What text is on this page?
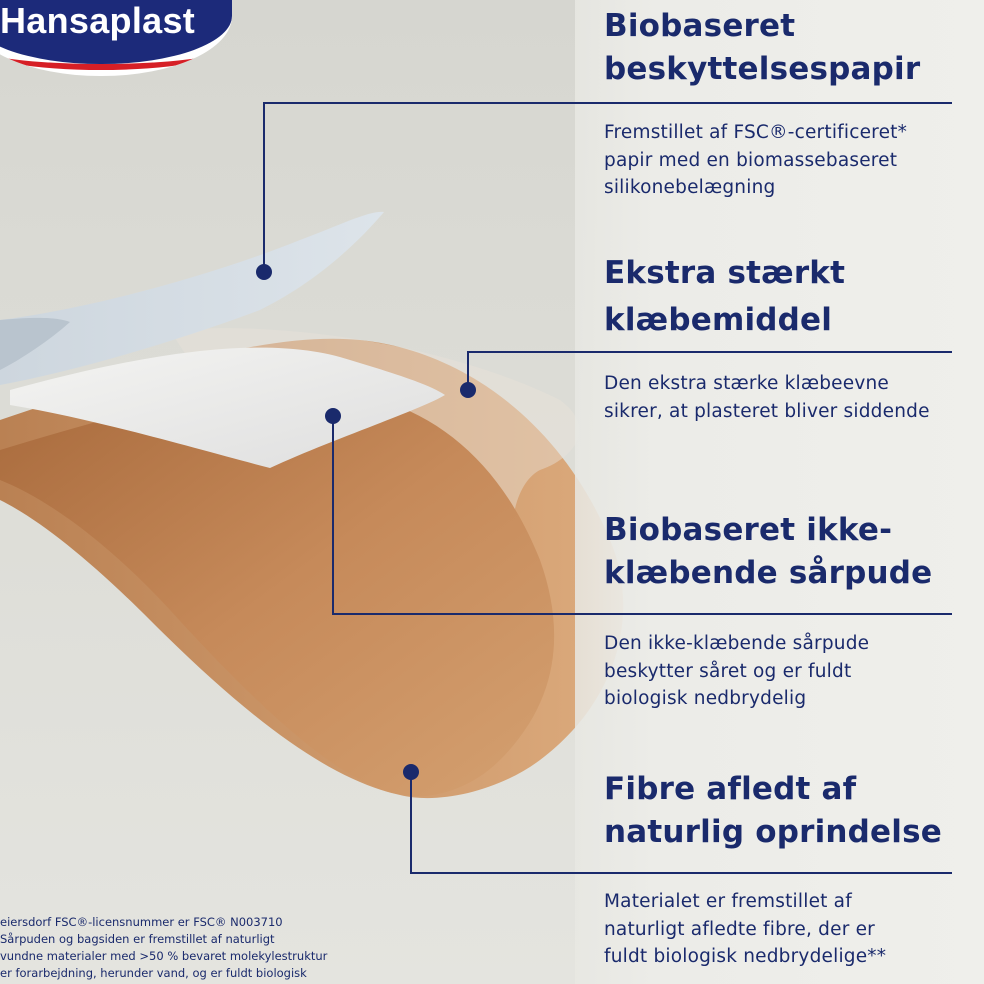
Hansaplast	Biobaseret
beskyttelsespapir
Fremstillet af FSC®-certificeret*
papir med en biomassebaseret
silikonebelægning
Ekstra stærkt
klæbemiddel
Den ekstra stærke klæbeevne
sikrer, at plasteret bliver siddende
Biobaseret ikke-
klæbende sårpude
Den ikke-klæbende sårpude
beskytter såret og er fuldt
biologisk nedbrydelig
Fibre afledt af
naturlig oprindelse
Materialet er fremstillet af
naturligt afledte fibre, der er
fuldt biologisk nedbrydelige**
eiersdorf FSC®-licensnummer er FSC® N003710
Sårpuden og bagsiden er fremstillet af naturligt
vundne materialer med >50 % bevaret molekylestruktur
er forarbejdning, herunder vand, og er fuldt biologisk
